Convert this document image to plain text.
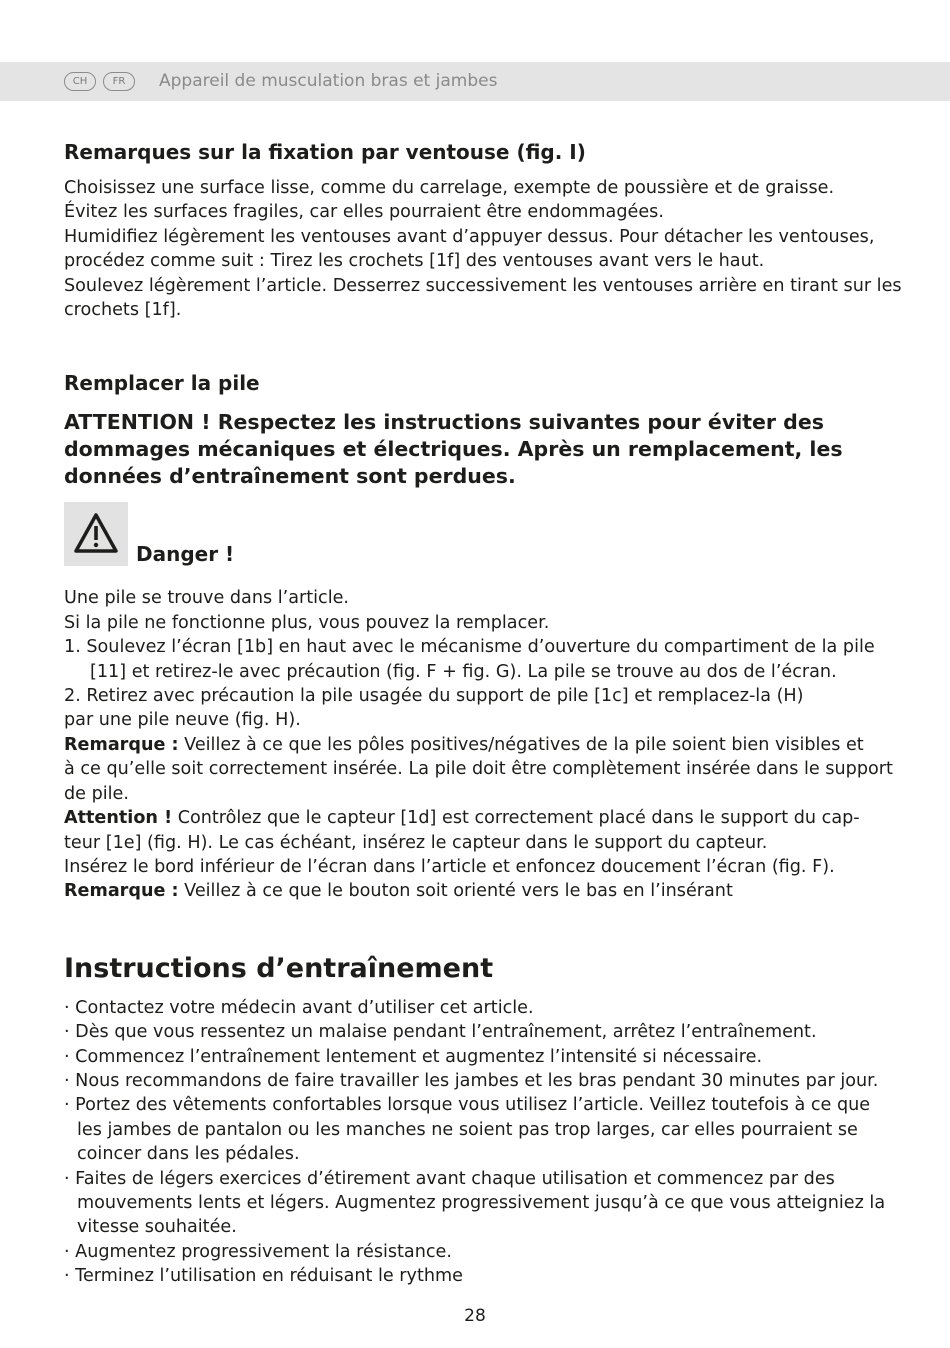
CH	FR	Appareil de musculation bras et jambes
Remarques sur la fixation par ventouse (fig. I)

Choisissez une surface lisse, comme du carrelage, exempte de poussière et de graisse.

Évitez les surfaces fragiles, car elles pourraient être endommagées.

Humidifiez légèrement les ventouses avant d’appuyer dessus. Pour détacher les ventouses,

procédez comme suit : Tirez les crochets [1f] des ventouses avant vers le haut.

Soulevez légèrement l’article. Desserrez successivement les ventouses arrière en tirant sur les

crochets [1f].

Remplacer la pile

ATTENTION ! Respectez les instructions suivantes pour éviter des

dommages mécaniques et électriques. Après un remplacement, les

données d’entraînement sont perdues.

Danger !

Une pile se trouve dans l’article.

Si la pile ne fonctionne plus, vous pouvez la remplacer.

1. Soulevez l’écran [1b] en haut avec le mécanisme d’ouverture du compartiment de la pile

[11] et retirez-le avec précaution (fig. F + fig. G). La pile se trouve au dos de l’écran.

2. Retirez avec précaution la pile usagée du support de pile [1c] et remplacez-la (H)

par une pile neuve (fig. H).

Remarque : Veillez à ce que les pôles positives/négatives de la pile soient bien visibles et

à ce qu’elle soit correctement insérée. La pile doit être complètement insérée dans le support

de pile.

Attention ! Contrôlez que le capteur [1d] est correctement placé dans le support du cap-

teur [1e] (fig. H). Le cas échéant, insérez le capteur dans le support du capteur.

Insérez le bord inférieur de l’écran dans l’article et enfoncez doucement l’écran (fig. F).

Remarque : Veillez à ce que le bouton soit orienté vers le bas en l’insérant

Instructions d’entraînement

· Contactez votre médecin avant d’utiliser cet article.

· Dès que vous ressentez un malaise pendant l’entraînement, arrêtez l’entraînement.

· Commencez l’entraînement lentement et augmentez l’intensité si nécessaire.

· Nous recommandons de faire travailler les jambes et les bras pendant 30 minutes par jour.

· Portez des vêtements confortables lorsque vous utilisez l’article. Veillez toutefois à ce que

les jambes de pantalon ou les manches ne soient pas trop larges, car elles pourraient se

coincer dans les pédales.

· Faites de légers exercices d’étirement avant chaque utilisation et commencez par des

mouvements lents et légers. Augmentez progressivement jusqu’à ce que vous atteigniez la

vitesse souhaitée.

· Augmentez progressivement la résistance.

· Terminez l’utilisation en réduisant le rythme

28
